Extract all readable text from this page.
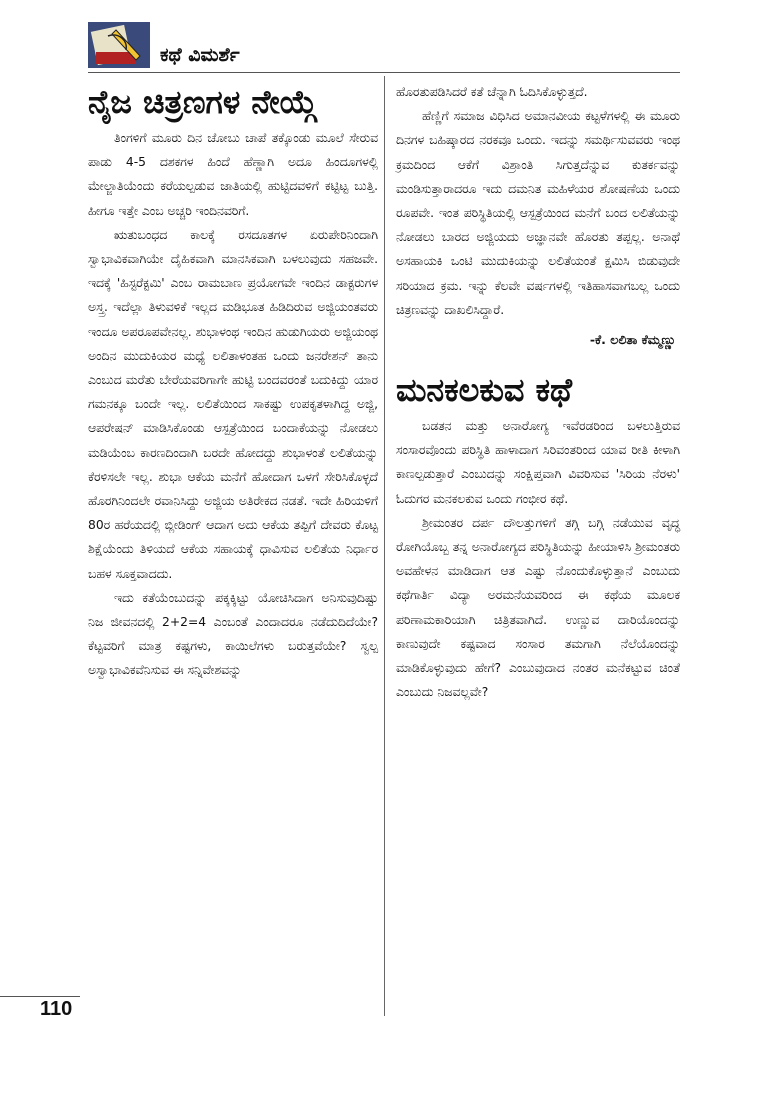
ಕಥೆ ವಿಮರ್ಶೆ
ನೈಜ ಚಿತ್ರಣಗಳ ನೇಯ್ಗೆ

ತಿಂಗಳಿಗೆ ಮೂರು ದಿನ ಚೋಬು ಚಾಪೆ ತಕ್ಕೊಂಡು ಮೂಲೆ ಸೇರುವ ಪಾಡು 4-5 ದಶಕಗಳ ಹಿಂದೆ ಹೆಣ್ಣಾಗಿ ಅದೂ ಹಿಂದೂಗಳಲ್ಲಿ ಮೇಲ್ಜಾತಿಯೆಂದು ಕರೆಯಲ್ಪಡುವ ಜಾತಿಯಲ್ಲಿ ಹುಟ್ಟಿದವಳಿಗೆ ಕಟ್ಟಿಟ್ಟ ಬುತ್ತಿ. ಹೀಗೂ ಇತ್ತೇ ಎಂಬ ಅಚ್ಚರಿ ಇಂದಿನವರಿಗೆ.

ಋತುಬಂಧದ ಕಾಲಕ್ಕೆ ರಸದೂತಗಳ ಏರುಪೇರಿನಿಂದಾಗಿ ಸ್ವಾಭಾವಿಕವಾಗಿಯೇ ದೈಹಿಕವಾಗಿ ಮಾನಸಿಕವಾಗಿ ಬಳಲುವುದು ಸಹಜವೇ. ಇದಕ್ಕೆ 'ಹಿಸ್ಟರೆಕ್ಟಮಿ' ಎಂಬ ರಾಮಬಾಣ ಪ್ರಯೋಗವೇ ಇಂದಿನ ಡಾಕ್ಟರುಗಳ ಅಸ್ತ್ರ. ಇದೆಲ್ಲಾ ತಿಳುವಳಿಕೆ ಇಲ್ಲದ ಮಡಿಭೂತ ಹಿಡಿದಿರುವ ಅಜ್ಜಿಯಂತವರು ಇಂದೂ ಅಪರೂಪವೇನಲ್ಲ. ಶುಭಾಳಂಥ ಇಂದಿನ ಹುಡುಗಿಯರು ಅಜ್ಜಿಯಂಥ ಅಂದಿನ ಮುದುಕಿಯರ ಮಧ್ಯೆ ಲಲಿತಾಳಂತಹ ಒಂದು ಜನರೇಶನ್ ತಾನು ಎಂಬುದ ಮರೆತು ಬೇರೆಯವರಿಗಾಗೇ ಹುಟ್ಟಿ ಬಂದವರಂತೆ ಬದುಕಿದ್ದು ಯಾರ ಗಮನಕ್ಕೂ ಬಂದೇ ಇಲ್ಲ. ಲಲಿತೆಯಿಂದ ಸಾಕಷ್ಟು ಉಪಕೃತಳಾಗಿದ್ದ ಅಜ್ಜಿ, ಆಪರೇಷನ್ ಮಾಡಿಸಿಕೊಂಡು ಆಸ್ಪತ್ರೆಯಿಂದ ಬಂದಾಕೆಯನ್ನು ನೋಡಲು ಮಡಿಯೆಂಬ ಕಾರಣದಿಂದಾಗಿ ಬರದೇ ಹೋದದ್ದು ಶುಭಾಳಂತೆ ಲಲಿತೆಯನ್ನು ಕೆರಳಿಸಲೇ ಇಲ್ಲ. ಶುಭಾ ಆಕೆಯ ಮನೆಗೆ ಹೋದಾಗ ಒಳಗೆ ಸೇರಿಸಿಕೊಳ್ಳದೆ ಹೊರಗಿನಿಂದಲೇ ರವಾನಿಸಿದ್ದು ಅಜ್ಜಿಯ ಅತಿರೇಕದ ನಡತೆ. ಇದೇ ಹಿರಿಯಳಿಗೆ 80ರ ಹರೆಯದಲ್ಲಿ ಬ್ಲೀಡಿಂಗ್ ಆದಾಗ ಅದು ಆಕೆಯ ತಪ್ಪಿಗೆ ದೇವರು ಕೊಟ್ಟ ಶಿಕ್ಷೆಯೆಂದು ತಿಳಿಯದೆ ಆಕೆಯ ಸಹಾಯಕ್ಕೆ ಧಾವಿಸುವ ಲಲಿತೆಯ ನಿರ್ಧಾರ ಬಹಳ ಸೂಕ್ತವಾದದು.

ಇದು ಕತೆಯೆಂಬುದನ್ನು ಪಕ್ಕಕ್ಕಿಟ್ಟು ಯೋಚಿಸಿದಾಗ ಅನಿಸುವುದಿಷ್ಟು ನಿಜ ಜೀವನದಲ್ಲಿ 2+2=4 ಎಂಬಂತೆ ಎಂದಾದರೂ ನಡೆದುದಿದೆಯೇ? ಕೆಟ್ಟವರಿಗೆ ಮಾತ್ರ ಕಷ್ಟಗಳು, ಕಾಯಿಲೆಗಳು ಬರುತ್ತವೆಯೇ? ಸ್ವಲ್ಪ ಅಸ್ವಾಭಾವಿಕವೆನಿಸುವ ಈ ಸನ್ನಿವೇಶವನ್ನು

ಹೊರತುಪಡಿಸಿದರೆ ಕತೆ ಚೆನ್ನಾಗಿ ಓದಿಸಿಕೊಳ್ಳುತ್ತದೆ.

ಹೆಣ್ಣಿಗೆ ಸಮಾಜ ವಿಧಿಸಿದ ಅಮಾನವೀಯ ಕಟ್ಟಳೆಗಳಲ್ಲಿ ಈ ಮೂರು ದಿನಗಳ ಬಹಿಷ್ಕಾರದ ನರಕವೂ ಒಂದು. ಇದನ್ನು ಸಮರ್ಥಿಸುವವರು ಇಂಥ ಕ್ರಮದಿಂದ ಆಕೆಗೆ ವಿಶ್ರಾಂತಿ ಸಿಗುತ್ತದೆನ್ನುವ ಕುತರ್ಕವನ್ನು ಮಂಡಿಸುತ್ತಾರಾದರೂ ಇದು ದಮನಿತ ಮಹಿಳೆಯರ ಶೋಷಣೆಯ ಒಂದು ರೂಪವೇ. ಇಂತ ಪರಿಸ್ಥಿತಿಯಲ್ಲಿ ಆಸ್ಪತ್ರೆಯಿಂದ ಮನೆಗೆ ಬಂದ ಲಲಿತೆಯನ್ನು ನೋಡಲು ಬಾರದ ಅಜ್ಜಿಯದು ಅಜ್ಞಾನವೇ ಹೊರತು ತಪ್ಪಲ್ಲ. ಅನಾಥೆ ಅಸಹಾಯಕಿ ಒಂಟಿ ಮುದುಕಿಯನ್ನು ಲಲಿತೆಯಂತೆ ಕ್ಷಮಿಸಿ ಬಿಡುವುದೇ ಸರಿಯಾದ ಕ್ರಮ. ಇನ್ನು ಕೆಲವೇ ವರ್ಷಗಳಲ್ಲಿ ಇತಿಹಾಸವಾಗಬಲ್ಲ ಒಂದು ಚಿತ್ರಣವನ್ನು ದಾಖಲಿಸಿದ್ದಾರೆ.

-ಕೆ. ಲಲಿತಾ ಕೆಮ್ಮಣ್ಣು
ಮನಕಲಕುವ ಕಥೆ

ಬಡತನ ಮತ್ತು ಅನಾರೋಗ್ಯ ಇವೆರಡರಿಂದ ಬಳಲುತ್ತಿರುವ ಸಂಸಾರವೊಂದು ಪರಿಸ್ಥಿತಿ ಹಾಳಾದಾಗ ಸಿರಿವಂತರಿಂದ ಯಾವ ರೀತಿ ಕೀಳಾಗಿ ಕಾಣಲ್ಪಡುತ್ತಾರೆ ಎಂಬುದನ್ನು ಸಂಕ್ಷಿಪ್ತವಾಗಿ ವಿವರಿಸುವ 'ಸಿರಿಯ ನೆರಳು' ಓದುಗರ ಮನಕಲಕುವ ಒಂದು ಗಂಭೀರ ಕಥೆ.

ಶ್ರೀಮಂತರ ದರ್ಪ ದೌಲತ್ತುಗಳಿಗೆ ತಗ್ಗಿ ಬಗ್ಗಿ ನಡೆಯುವ ವೃದ್ಧ ರೋಗಿಯೊಬ್ಬ ತನ್ನ ಅನಾರೋಗ್ಯದ ಪರಿಸ್ಥಿತಿಯನ್ನು ಹೀಯಾಳಿಸಿ ಶ್ರೀಮಂತರು ಅವಹೇಳನ ಮಾಡಿದಾಗ ಆತ ಎಷ್ಟು ನೊಂದುಕೊಳ್ಳುತ್ತಾನೆ ಎಂಬುದು ಕಥೆಗಾರ್ತಿ ವಿದ್ಯಾ ಅರಮನೆಯವರಿಂದ ಈ ಕಥೆಯ ಮೂಲಕ ಪರಿಣಾಮಕಾರಿಯಾಗಿ ಚಿತ್ರಿತವಾಗಿದೆ. ಉಣ್ಣುವ ದಾರಿಯೊಂದನ್ನು ಕಾಣುವುದೇ ಕಷ್ಟವಾದ ಸಂಸಾರ ತಮಗಾಗಿ ನೆಲೆಯೊಂದನ್ನು ಮಾಡಿಕೊಳ್ಳುವುದು ಹೇಗೆ? ಎಂಬುವುದಾದ ನಂತರ ಮನೆಕಟ್ಟುವ ಚಿಂತೆ ಎಂಬುದು ನಿಜವಲ್ಲವೇ?

110
